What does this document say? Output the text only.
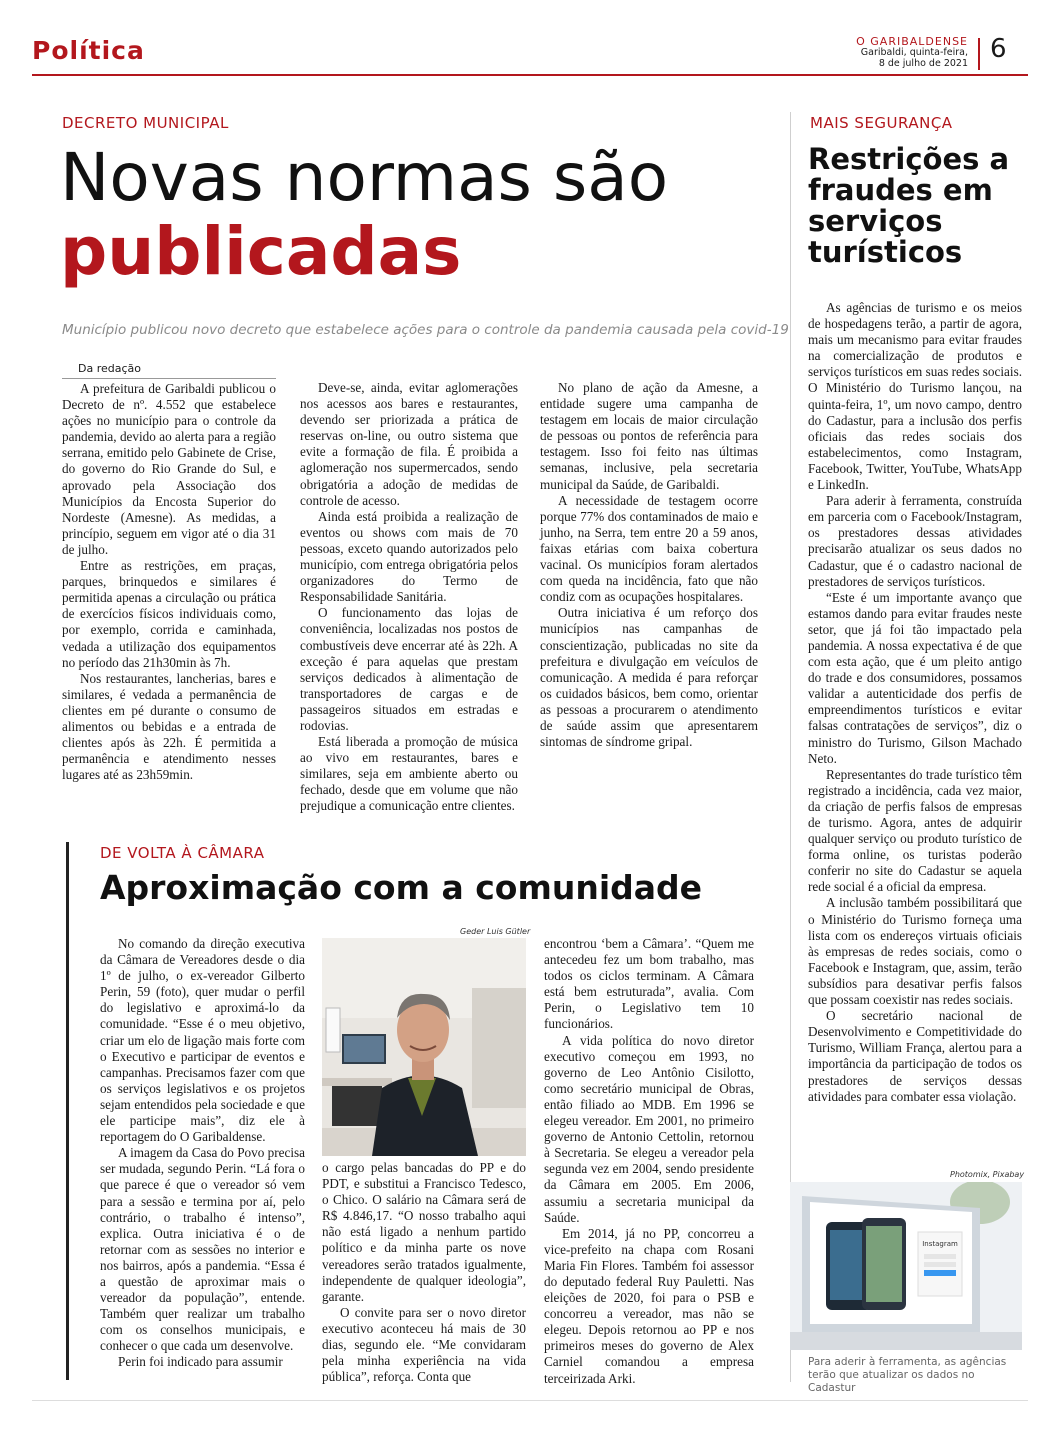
Política	O GARIBALDENSE
Garibaldi, quinta-feira,
8 de julho de 2021 6
DECRETO MUNICIPAL
Novas normas são
publicadas
Município publicou novo decreto que estabelece ações para o controle da pandemia causada pela covid-19
Da redação

A prefeitura de Garibaldi publicou o Decreto de nº. 4.552 que estabelece ações no município para o controle da pandemia, devido ao alerta para a região serrana, emitido pelo Gabinete de Crise, do governo do Rio Grande do Sul, e aprovado pela Associação dos Municípios da Encosta Superior do Nordeste (Amesne). As medidas, a princípio, seguem em vigor até o dia 31 de julho.

Entre as restrições, em praças, parques, brinquedos e similares é permitida apenas a circulação ou prática de exercícios físicos individuais como, por exemplo, corrida e caminhada, vedada a utilização dos equipamentos no período das 21h30min às 7h.

Nos restaurantes, lancherias, bares e similares, é vedada a permanência de clientes em pé durante o consumo de alimentos ou bebidas e a entrada de clientes após às 22h. É permitida a permanência e atendimento nesses lugares até as 23h59min.

Deve-se, ainda, evitar aglomerações nos acessos aos bares e restaurantes, devendo ser priorizada a prática de reservas on-line, ou outro sistema que evite a formação de fila. É proibida a aglomeração nos supermercados, sendo obrigatória a adoção de medidas de controle de acesso.

Ainda está proibida a realização de eventos ou shows com mais de 70 pessoas, exceto quando autorizados pelo município, com entrega obrigatória pelos organizadores do Termo de Responsabilidade Sanitária.

O funcionamento das lojas de conveniência, localizadas nos postos de combustíveis deve encerrar até às 22h. A exceção é para aquelas que prestam serviços dedicados à alimentação de transportadores de cargas e de passageiros situados em estradas e rodovias.

Está liberada a promoção de música ao vivo em restaurantes, bares e similares, seja em ambiente aberto ou fechado, desde que em volume que não prejudique a comunicação entre clientes.

No plano de ação da Amesne, a entidade sugere uma campanha de testagem em locais de maior circulação de pessoas ou pontos de referência para testagem. Isso foi feito nas últimas semanas, inclusive, pela secretaria municipal da Saúde, de Garibaldi.

A necessidade de testagem ocorre porque 77% dos contaminados de maio e junho, na Serra, tem entre 20 a 59 anos, faixas etárias com baixa cobertura vacinal. Os municípios foram alertados com queda na incidência, fato que não condiz com as ocupações hospitalares.

Outra iniciativa é um reforço dos municípios nas campanhas de conscientização, publicadas no site da prefeitura e divulgação em veículos de comunicação. A medida é para reforçar os cuidados básicos, bem como, orientar as pessoas a procurarem o atendimento de saúde assim que apresentarem sintomas de síndrome gripal.

DE VOLTA À CÂMARA
Aproximação com a comunidade

No comando da direção executiva da Câmara de Vereadores desde o dia 1º de julho, o ex-vereador Gilberto Perin, 59 (foto), quer mudar o perfil do legislativo e aproximá-lo da comunidade. “Esse é o meu objetivo, criar um elo de ligação mais forte com o Executivo e participar de eventos e campanhas. Precisamos fazer com que os serviços legislativos e os projetos sejam entendidos pela sociedade e que ele participe mais”, diz ele à reportagem do O Garibaldense.

A imagem da Casa do Povo precisa ser mudada, segundo Perin. “Lá fora o que parece é que o vereador só vem para a sessão e termina por aí, pelo contrário, o trabalho é intenso”, explica. Outra iniciativa é o de retornar com as sessões no interior e nos bairros, após a pandemia. “Essa é a questão de aproximar mais o vereador da população”, entende. Também quer realizar um trabalho com os conselhos municipais, e conhecer o que cada um desenvolve.

Perin foi indicado para assumir

Geder Luis Gütler

o cargo pelas bancadas do PP e do PDT, e substitui a Francisco Tedesco, o Chico. O salário na Câmara será de R$ 4.846,17. “O nosso trabalho aqui não está ligado a nenhum partido político e da minha parte os nove vereadores serão tratados igualmente, independente de qualquer ideologia”, garante.

O convite para ser o novo diretor executivo aconteceu há mais de 30 dias, segundo ele. “Me convidaram pela minha experiência na vida pública”, reforça. Conta que

encontrou ‘bem a Câmara’. “Quem me antecedeu fez um bom trabalho, mas todos os ciclos terminam. A Câmara está bem estruturada”, avalia. Com Perin, o Legislativo tem 10 funcionários.

A vida política do novo diretor executivo começou em 1993, no governo de Leo Antônio Cisilotto, como secretário municipal de Obras, então filiado ao MDB. Em 1996 se elegeu vereador. Em 2001, no primeiro governo de Antonio Cettolin, retornou à Secretaria. Se elegeu a vereador pela segunda vez em 2004, sendo presidente da Câmara em 2005. Em 2006, assumiu a secretaria municipal da Saúde.

Em 2014, já no PP, concorreu a vice-prefeito na chapa com Rosani Maria Fin Flores. Também foi assessor do deputado federal Ruy Pauletti. Nas eleições de 2020, foi para o PSB e concorreu a vereador, mas não se elegeu. Depois retornou ao PP e nos primeiros meses do governo de Alex Carniel comandou a empresa terceirizada Arki.

MAIS SEGURANÇA
Restrições a fraudes em serviços turísticos

As agências de turismo e os meios de hospedagens terão, a partir de agora, mais um mecanismo para evitar fraudes na comercialização de produtos e serviços turísticos em suas redes sociais. O Ministério do Turismo lançou, na quinta-feira, 1º, um novo campo, dentro do Cadastur, para a inclusão dos perfis oficiais das redes sociais dos estabelecimentos, como Instagram, Facebook, Twitter, YouTube, WhatsApp e LinkedIn.

Para aderir à ferramenta, construída em parceria com o Facebook/Instagram, os prestadores dessas atividades precisarão atualizar os seus dados no Cadastur, que é o cadastro nacional de prestadores de serviços turísticos.

“Este é um importante avanço que estamos dando para evitar fraudes neste setor, que já foi tão impactado pela pandemia. A nossa expectativa é de que com esta ação, que é um pleito antigo do trade e dos consumidores, possamos validar a autenticidade dos perfis de empreendimentos turísticos e evitar falsas contratações de serviços”, diz o ministro do Turismo, Gilson Machado Neto.

Representantes do trade turístico têm registrado a incidência, cada vez maior, da criação de perfis falsos de empresas de turismo. Agora, antes de adquirir qualquer serviço ou produto turístico de forma online, os turistas poderão conferir no site do Cadastur se aquela rede social é a oficial da empresa.

A inclusão também possibilitará que o Ministério do Turismo forneça uma lista com os endereços virtuais oficiais às empresas de redes sociais, como o Facebook e Instagram, que, assim, terão subsídios para desativar perfis falsos que possam coexistir nas redes sociais.

O secretário nacional de Desenvolvimento e Competitividade do Turismo, William França, alertou para a importância da participação de todos os prestadores de serviços dessas atividades para combater essa violação.

Photomix, Pixabay
Instagram
Para aderir à ferramenta, as agências terão que atualizar os dados no Cadastur
